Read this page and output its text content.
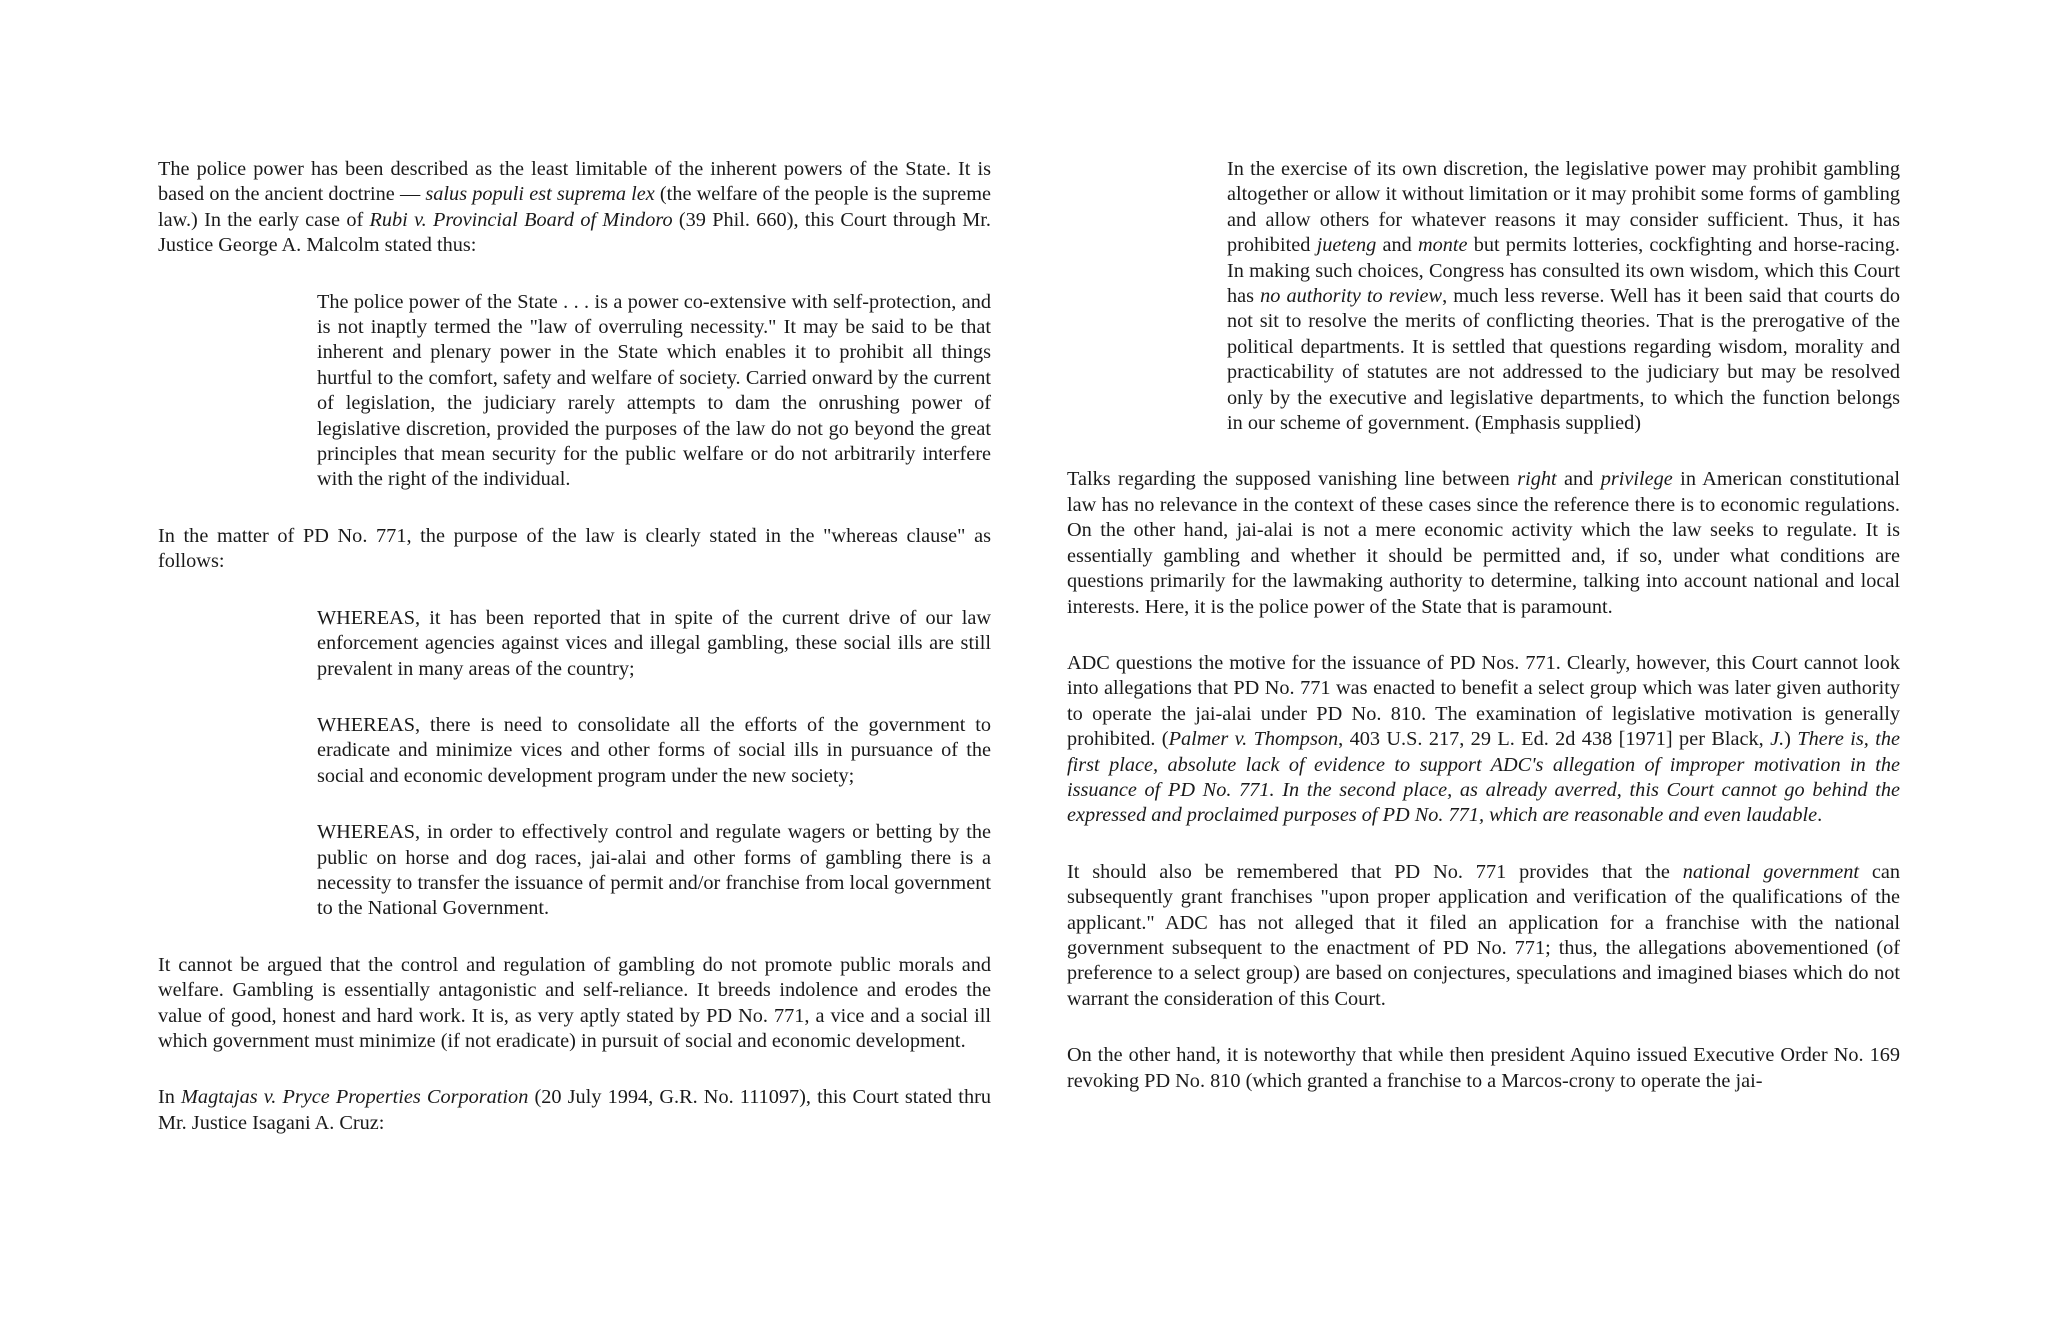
The police power has been described as the least limitable of the inherent powers of the State. It is based on the ancient doctrine — salus populi est suprema lex (the welfare of the people is the supreme law.) In the early case of Rubi v. Provincial Board of Mindoro (39 Phil. 660), this Court through Mr. Justice George A. Malcolm stated thus:

The police power of the State . . . is a power co-extensive with self-protection, and is not inaptly termed the "law of overruling necessity." It may be said to be that inherent and plenary power in the State which enables it to prohibit all things hurtful to the comfort, safety and welfare of society. Carried onward by the current of legislation, the judiciary rarely attempts to dam the onrushing power of legislative discretion, provided the purposes of the law do not go beyond the great principles that mean security for the public welfare or do not arbitrarily interfere with the right of the individual.

In the matter of PD No. 771, the purpose of the law is clearly stated in the "whereas clause" as follows:

WHEREAS, it has been reported that in spite of the current drive of our law enforcement agencies against vices and illegal gambling, these social ills are still prevalent in many areas of the country;

WHEREAS, there is need to consolidate all the efforts of the government to eradicate and minimize vices and other forms of social ills in pursuance of the social and economic development program under the new society;

WHEREAS, in order to effectively control and regulate wagers or betting by the public on horse and dog races, jai-alai and other forms of gambling there is a necessity to transfer the issuance of permit and/or franchise from local government to the National Government.

It cannot be argued that the control and regulation of gambling do not promote public morals and welfare. Gambling is essentially antagonistic and self-reliance. It breeds indolence and erodes the value of good, honest and hard work. It is, as very aptly stated by PD No. 771, a vice and a social ill which government must minimize (if not eradicate) in pursuit of social and economic development.

In Magtajas v. Pryce Properties Corporation (20 July 1994, G.R. No. 111097), this Court stated thru Mr. Justice Isagani A. Cruz:

In the exercise of its own discretion, the legislative power may prohibit gambling altogether or allow it without limitation or it may prohibit some forms of gambling and allow others for whatever reasons it may consider sufficient. Thus, it has prohibited jueteng and monte but permits lotteries, cockfighting and horse-racing. In making such choices, Congress has consulted its own wisdom, which this Court has no authority to review, much less reverse. Well has it been said that courts do not sit to resolve the merits of conflicting theories. That is the prerogative of the political departments. It is settled that questions regarding wisdom, morality and practicability of statutes are not addressed to the judiciary but may be resolved only by the executive and legislative departments, to which the function belongs in our scheme of government. (Emphasis supplied)

Talks regarding the supposed vanishing line between right and privilege in American constitutional law has no relevance in the context of these cases since the reference there is to economic regulations. On the other hand, jai-alai is not a mere economic activity which the law seeks to regulate. It is essentially gambling and whether it should be permitted and, if so, under what conditions are questions primarily for the lawmaking authority to determine, talking into account national and local interests. Here, it is the police power of the State that is paramount.

ADC questions the motive for the issuance of PD Nos. 771. Clearly, however, this Court cannot look into allegations that PD No. 771 was enacted to benefit a select group which was later given authority to operate the jai-alai under PD No. 810. The examination of legislative motivation is generally prohibited. (Palmer v. Thompson, 403 U.S. 217, 29 L. Ed. 2d 438 [1971] per Black, J.) There is, the first place, absolute lack of evidence to support ADC's allegation of improper motivation in the issuance of PD No. 771. In the second place, as already averred, this Court cannot go behind the expressed and proclaimed purposes of PD No. 771, which are reasonable and even laudable.

It should also be remembered that PD No. 771 provides that the national government can subsequently grant franchises "upon proper application and verification of the qualifications of the applicant." ADC has not alleged that it filed an application for a franchise with the national government subsequent to the enactment of PD No. 771; thus, the allegations abovementioned (of preference to a select group) are based on conjectures, speculations and imagined biases which do not warrant the consideration of this Court.

On the other hand, it is noteworthy that while then president Aquino issued Executive Order No. 169 revoking PD No. 810 (which granted a franchise to a Marcos-crony to operate the jai-
